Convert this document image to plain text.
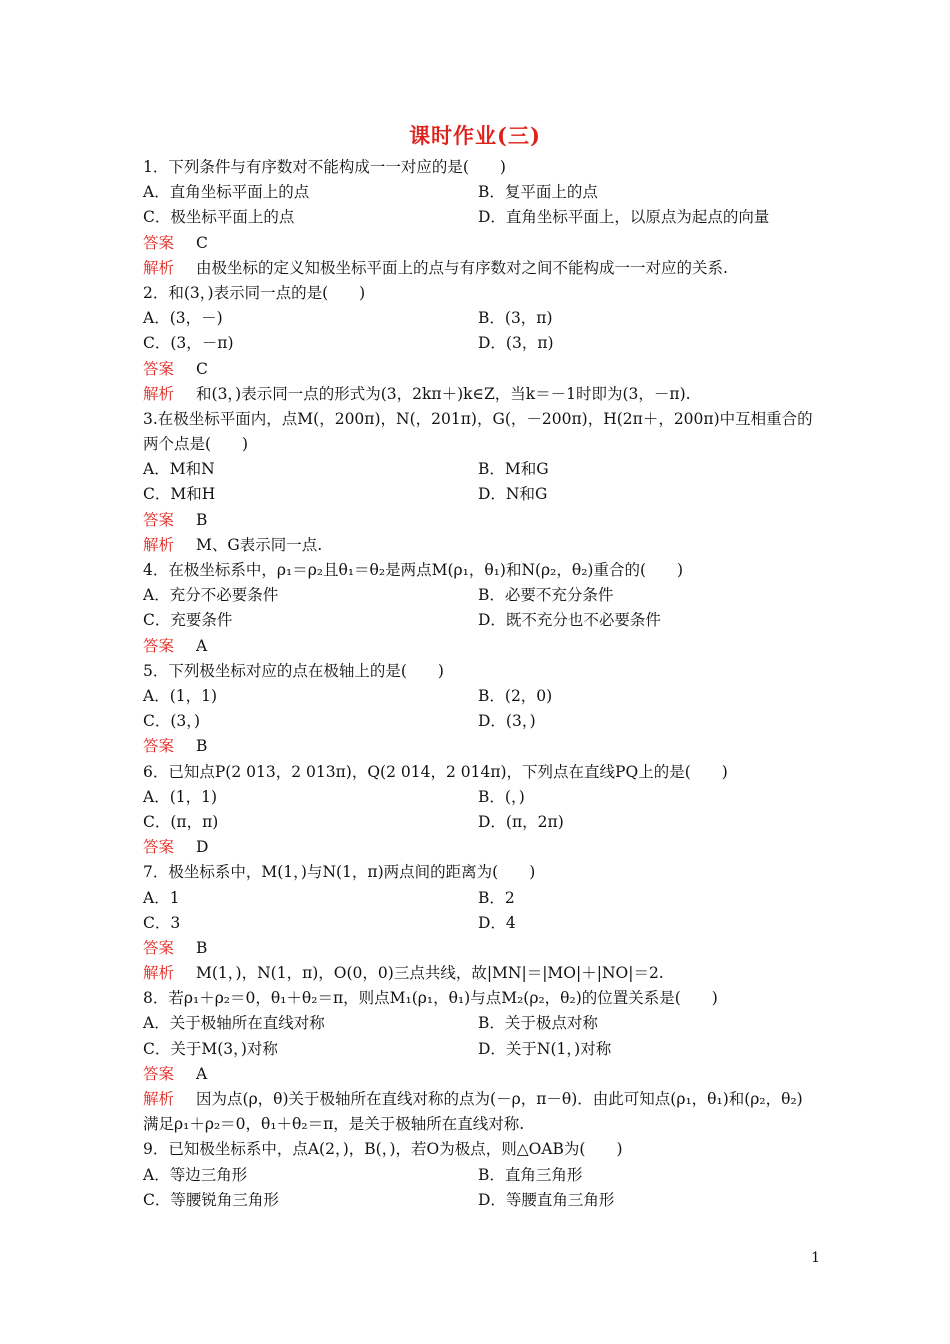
课时作业(三)
1．下列条件与有序数对不能构成一一对应的是(　　)
A．直角坐标平面上的点	B．复平面上的点
C．极坐标平面上的点	D．直角坐标平面上，以原点为起点的向量
答案 C
解析 由极坐标的定义知极坐标平面上的点与有序数对之间不能构成一一对应的关系.
2．和(3，)表示同一点的是(　　)
A．(3，－)	B．(3，π)
C．(3，－π)	D．(3，π)
答案 C
解析 和(3，)表示同一点的形式为(3，2kπ＋)k∈Z，当k＝－1时即为(3，－π).
3.在极坐标平面内，点M(，200π)，N(，201π)，G(，－200π)，H(2π＋，200π)中互相重合的两个点是(　　)
A．M和N	B．M和G
C．M和H	D．N和G
答案 B
解析 M、G表示同一点.
4．在极坐标系中，ρ₁＝ρ₂且θ₁＝θ₂是两点M(ρ₁，θ₁)和N(ρ₂，θ₂)重合的(　　)
A．充分不必要条件	B．必要不充分条件
C．充要条件	D．既不充分也不必要条件
答案 A
5．下列极坐标对应的点在极轴上的是(　　)
A．(1，1)	B．(2，0)
C．(3，)	D．(3，)
答案 B
6．已知点P(2 013，2 013π)，Q(2 014，2 014π)，下列点在直线PQ上的是(　　)
A．(1，1)	B．(，)
C．(π，π)	D．(π，2π)
答案 D
7．极坐标系中，M(1，)与N(1，π)两点间的距离为(　　)
A．1	B．2
C．3	D．4
答案 B
解析 M(1，)，N(1，π)，O(0，0)三点共线，故|MN|＝|MO|＋|NO|＝2.
8．若ρ₁＋ρ₂＝0，θ₁＋θ₂＝π，则点M₁(ρ₁，θ₁)与点M₂(ρ₂，θ₂)的位置关系是(　　)
A．关于极轴所在直线对称	B．关于极点对称
C．关于M(3，)对称	D．关于N(1，)对称
答案 A
解析 因为点(ρ，θ)关于极轴所在直线对称的点为(－ρ，π－θ)．由此可知点(ρ₁，θ₁)和(ρ₂，θ₂)满足ρ₁＋ρ₂＝0，θ₁＋θ₂＝π，是关于极轴所在直线对称.
9．已知极坐标系中，点A(2，)，B(，)，若O为极点，则△OAB为(　　)
A．等边三角形	B．直角三角形
C．等腰锐角三角形	D．等腰直角三角形
1
